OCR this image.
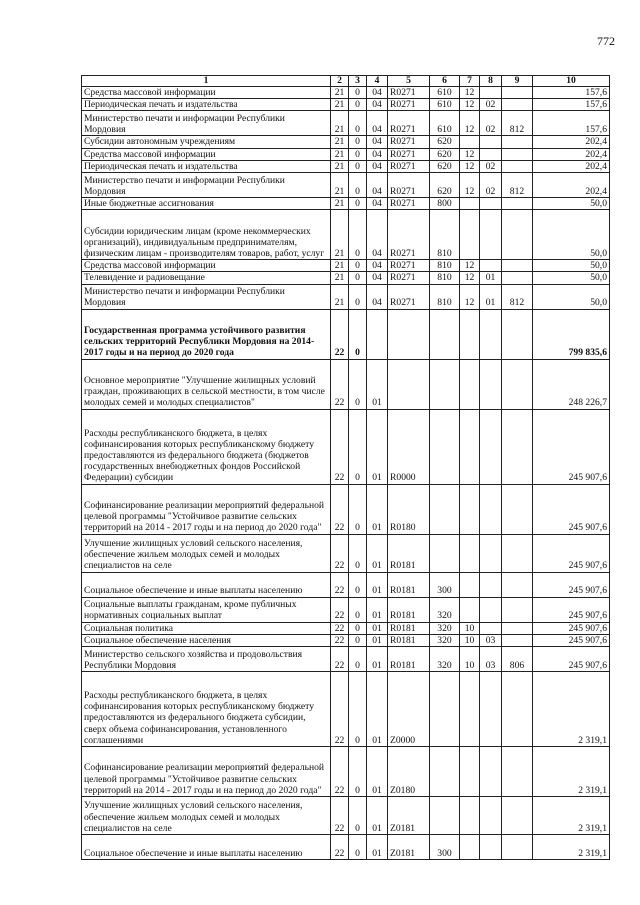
772
1	2	3	4	5	6	7	8	9	10
Средства массовой информации	21	0	04	R0271	610	12			157,6
Периодическая печать и издательства	21	0	04	R0271	610	12	02		157,6
Министерство печати и информации Республики Мордовия	21	0	04	R0271	610	12	02	812	157,6
Субсидии автономным учреждениям	21	0	04	R0271	620				202,4
Средства массовой информации	21	0	04	R0271	620	12			202,4
Периодическая печать и издательства	21	0	04	R0271	620	12	02		202,4
Министерство печати и информации Республики Мордовия	21	0	04	R0271	620	12	02	812	202,4
Иные бюджетные ассигнования	21	0	04	R0271	800				50,0
Субсидии юридическим лицам (кроме некоммерческих организаций), индивидуальным предпринимателям, физическим лицам - производителям товаров, работ, услуг	21	0	04	R0271	810				50,0
Средства массовой информации	21	0	04	R0271	810	12			50,0
Телевидение и радиовещание	21	0	04	R0271	810	12	01		50,0
Министерство печати и информации Республики Мордовия	21	0	04	R0271	810	12	01	812	50,0
Государственная программа устойчивого развития сельских территорий Республики Мордовия на 2014-2017 годы и на период до 2020 года	22	0							799 835,6
Основное мероприятие "Улучшение жилищных условий граждан, проживающих в сельской местности, в том числе молодых семей и молодых специалистов"	22	0	01						248 226,7
Расходы республиканского бюджета, в целях софинансирования которых республиканскому бюджету предоставляются из федерального бюджета (бюджетов государственных внебюджетных фондов Российской Федерации) субсидии	22	0	01	R0000					245 907,6
Софинансирование реализации мероприятий федеральной целевой программы "Устойчивое развитие сельских территорий на 2014 - 2017 годы и на период до 2020 года"	22	0	01	R0180					245 907,6
Улучшение жилищных условий сельского населения, обеспечение жильем молодых семей и молодых специалистов на селе	22	0	01	R0181					245 907,6
Социальное обеспечение и иные выплаты населению	22	0	01	R0181	300				245 907,6
Социальные выплаты гражданам, кроме публичных нормативных социальных выплат	22	0	01	R0181	320				245 907,6
Социальная политика	22	0	01	R0181	320	10			245 907,6
Социальное обеспечение населения	22	0	01	R0181	320	10	03		245 907,6
Министерство сельского хозяйства и продовольствия Республики Мордовия	22	0	01	R0181	320	10	03	806	245 907,6
Расходы республиканского бюджета, в целях софинансирования которых республиканскому бюджету предоставляются из федерального бюджета субсидии, сверх объема софинансирования, установленного соглашениями	22	0	01	Z0000					2 319,1
Софинансирование реализации мероприятий федеральной целевой программы "Устойчивое развитие сельских территорий на 2014 - 2017 годы и на период до 2020 года"	22	0	01	Z0180					2 319,1
Улучшение жилищных условий сельского населения, обеспечение жильем молодых семей и молодых специалистов на селе	22	0	01	Z0181					2 319,1
Социальное обеспечение и иные выплаты населению	22	0	01	Z0181	300				2 319,1
